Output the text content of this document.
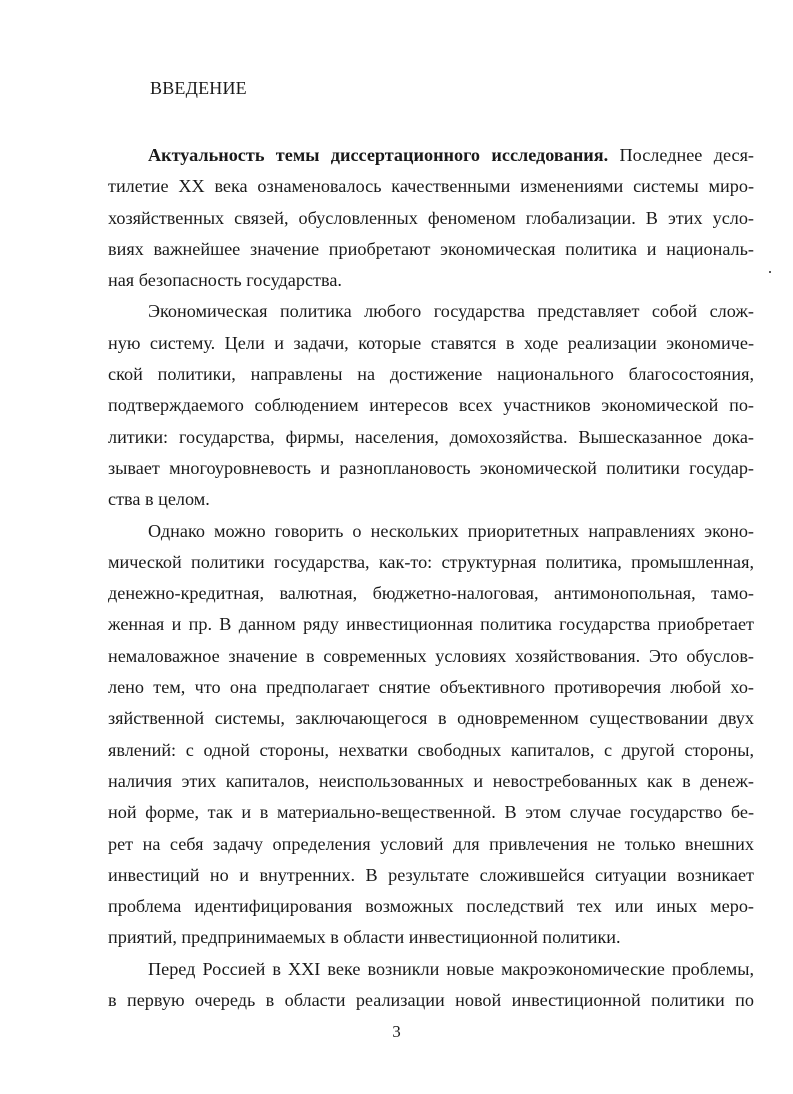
ВВЕДЕНИЕ
Актуальность темы диссертационного исследования. Последнее деся-
тилетие XX века ознаменовалось качественными изменениями системы миро-
хозяйственных связей, обусловленных феноменом глобализации. В этих усло-
виях важнейшее значение приобретают экономическая политика и националь-
ная безопасность государства.
Экономическая политика любого государства представляет собой слож-
ную систему. Цели и задачи, которые ставятся в ходе реализации экономиче-
ской политики, направлены на достижение национального благосостояния,
подтверждаемого соблюдением интересов всех участников экономической по-
литики: государства, фирмы, населения, домохозяйства. Вышесказанное дока-
зывает многоуровневость и разноплановость экономической политики государ-
ства в целом.
Однако можно говорить о нескольких приоритетных направлениях эконо-
мической политики государства, как-то: структурная политика, промышленная,
денежно-кредитная, валютная, бюджетно-налоговая, антимонопольная, тамо-
женная и пр. В данном ряду инвестиционная политика государства приобретает
немаловажное значение в современных условиях хозяйствования. Это обуслов-
лено тем, что она предполагает снятие объективного противоречия любой хо-
зяйственной системы, заключающегося в одновременном существовании двух
явлений: с одной стороны, нехватки свободных капиталов, с другой стороны,
наличия этих капиталов, неиспользованных и невостребованных как в денеж-
ной форме, так и в материально-вещественной. В этом случае государство бе-
рет на себя задачу определения условий для привлечения не только внешних
инвестиций но и внутренних. В результате сложившейся ситуации возникает
проблема идентифицирования возможных последствий тех или иных меро-
приятий, предпринимаемых в области инвестиционной политики.
Перед Россией в XXI веке возникли новые макроэкономические проблемы,
в первую очередь в области реализации новой инвестиционной политики по
3
